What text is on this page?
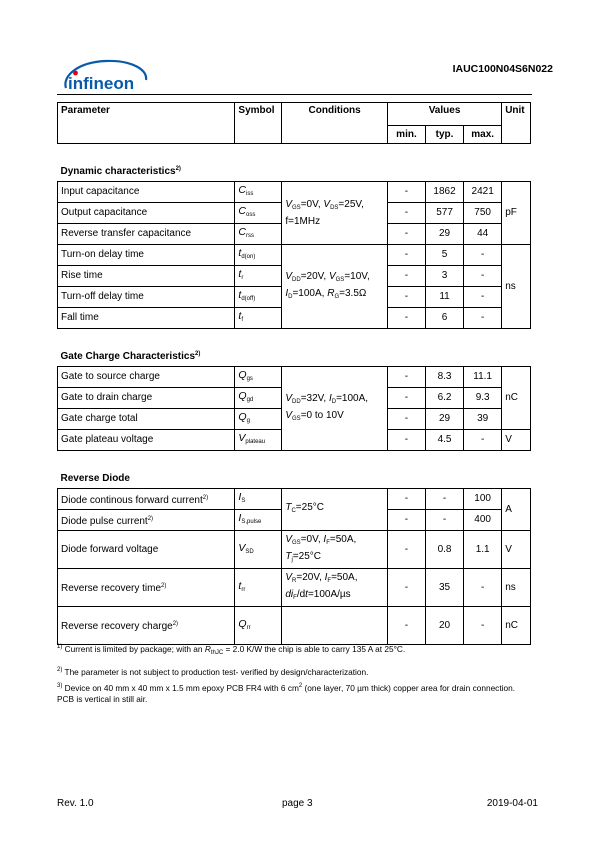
infineon
IAUC100N04S6N022
Parameter	Symbol	Conditions	Values			Unit
			min.	typ.	max.	

Dynamic characteristics$^{2)}$
Input capacitance	$C_{iss}$	$V_{GS}=0V$, $V_{DS}=25V$, f=1MHz	-	1862	2421	pF
Output capacitance	$C_{oss}$		-	577	750	
Reverse transfer capacitance	$C_{rss}$		-	29	44	
Turn-on delay time	$t_{d(on)}$	$V_{DD}=20V$, $V_{GS}=10V$, $I_D=100A$, $R_G=3.5\Omega$	-	5	-	ns
Rise time	$t_r$		-	3	-	
Turn-off delay time	$t_{d(off)}$		-	11	-	
Fall time	$t_f$		-	6	-	

Gate Charge Characteristics$^{2)}$
Gate to source charge	$Q_{gs}$	$V_{DD}=32V$, $I_D=100A$, $V_{GS}=0$ to 10V	-	8.3	11.1	nC
Gate to drain charge	$Q_{gd}$		-	6.2	9.3	
Gate charge total	$Q_g$		-	29	39	
Gate plateau voltage	$V_{plateau}$		-	4.5	-	V

Reverse Diode						
Diode continous forward current$^{2)}$	$I_S$	$T_C=25^\circ C$	-	-	100	A
Diode pulse current$^{2)}$	$I_{S,pulse}$		-	-	400	
Diode forward voltage	$V_{SD}$	$V_{GS}=0V$, $I_F=50A$, $T_j=25^\circ C$	-	0.8	1.1	V
Reverse recovery time$^{2)}$	$t_{rr}$	$V_R=20V$, $I_F=50A$, $di_F/dt=100A/\mu s$	-	35	-	ns
Reverse recovery charge$^{2)}$	$Q_{rr}$		-	20	-	nC
$^{1)}$ Current is limited by package; with an $R_{thJC} = 2.0$ K/W the chip is able to carry 135 A at 25°C.
$^{2)}$ The parameter is not subject to production test- verified by design/characterization.
$^{3)}$ Device on 40 mm x 40 mm x 1.5 mm epoxy PCB FR4 with 6 $cm^2$ (one layer, 70 µm thick) copper area for drain connection. PCB is vertical in still air.
Rev. 1.0	page 3	2019-04-01
